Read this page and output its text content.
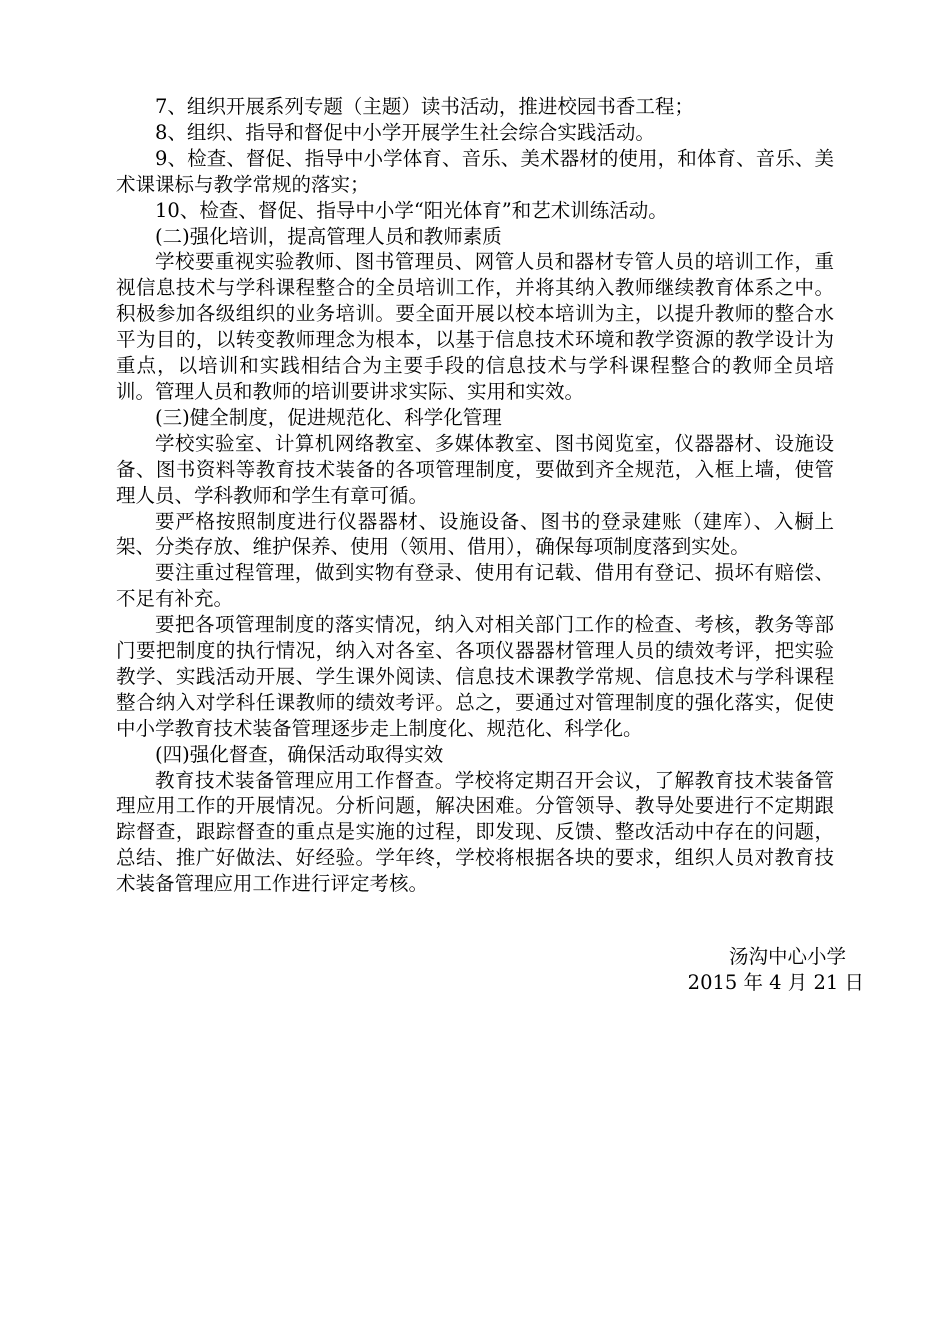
7、组织开展系列专题（主题）读书活动，推进校园书香工程；

8、组织、指导和督促中小学开展学生社会综合实践活动。

9、检查、督促、指导中小学体育、音乐、美术器材的使用，和体育、音乐、美术课课标与教学常规的落实；

10、检查、督促、指导中小学“阳光体育”和艺术训练活动。

(二)强化培训，提高管理人员和教师素质

学校要重视实验教师、图书管理员、网管人员和器材专管人员的培训工作，重视信息技术与学科课程整合的全员培训工作，并将其纳入教师继续教育体系之中。积极参加各级组织的业务培训。要全面开展以校本培训为主，以提升教师的整合水平为目的，以转变教师理念为根本，以基于信息技术环境和教学资源的教学设计为重点，以培训和实践相结合为主要手段的信息技术与学科课程整合的教师全员培训。管理人员和教师的培训要讲求实际、实用和实效。

(三)健全制度，促进规范化、科学化管理

学校实验室、计算机网络教室、多媒体教室、图书阅览室，仪器器材、设施设备、图书资料等教育技术装备的各项管理制度，要做到齐全规范，入框上墙，使管理人员、学科教师和学生有章可循。

要严格按照制度进行仪器器材、设施设备、图书的登录建账（建库）、入橱上架、分类存放、维护保养、使用（领用、借用），确保每项制度落到实处。

要注重过程管理，做到实物有登录、使用有记载、借用有登记、损坏有赔偿、不足有补充。

要把各项管理制度的落实情况，纳入对相关部门工作的检查、考核，教务等部门要把制度的执行情况，纳入对各室、各项仪器器材管理人员的绩效考评，把实验教学、实践活动开展、学生课外阅读、信息技术课教学常规、信息技术与学科课程整合纳入对学科任课教师的绩效考评。总之，要通过对管理制度的强化落实，促使中小学教育技术装备管理逐步走上制度化、规范化、科学化。

(四)强化督查，确保活动取得实效

教育技术装备管理应用工作督查。学校将定期召开会议，了解教育技术装备管理应用工作的开展情况。分析问题，解决困难。分管领导、教导处要进行不定期跟踪督查，跟踪督查的重点是实施的过程，即发现、反馈、整改活动中存在的问题，总结、推广好做法、好经验。学年终，学校将根据各块的要求，组织人员对教育技术装备管理应用工作进行评定考核。

汤沟中心小学
2015 年 4 月 21 日
